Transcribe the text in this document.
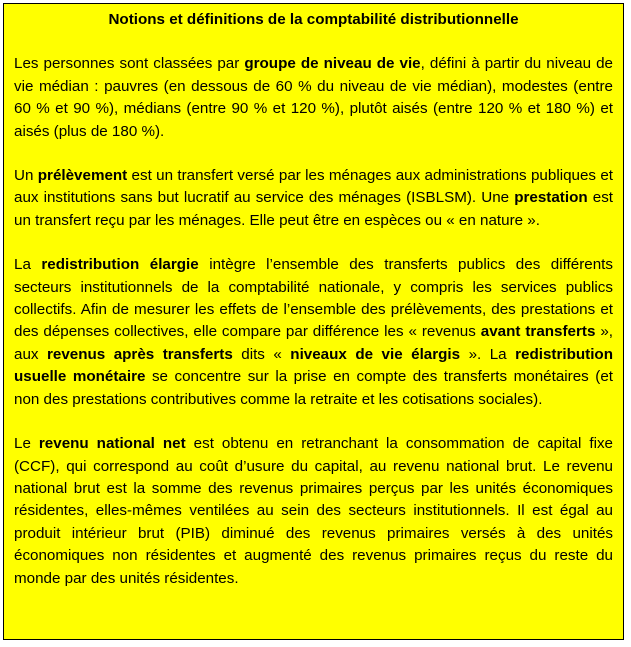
Notions et définitions de la comptabilité distributionnelle

Les personnes sont classées par groupe de niveau de vie, défini à partir du niveau de vie médian : pauvres (en dessous de 60 % du niveau de vie médian), modestes (entre 60 % et 90 %), médians (entre 90 % et 120 %), plutôt aisés (entre 120 % et 180 %) et aisés (plus de 180 %).

Un prélèvement est un transfert versé par les ménages aux administrations publiques et aux institutions sans but lucratif au service des ménages (ISBLSM). Une prestation est un transfert reçu par les ménages. Elle peut être en espèces ou « en nature ».

La redistribution élargie intègre l’ensemble des transferts publics des différents secteurs institutionnels de la comptabilité nationale, y compris les services publics collectifs. Afin de mesurer les effets de l’ensemble des prélèvements, des prestations et des dépenses collectives, elle compare par différence les « revenus avant transferts », aux revenus après transferts dits « niveaux de vie élargis ». La redistribution usuelle monétaire se concentre sur la prise en compte des transferts monétaires (et non des prestations contributives comme la retraite et les cotisations sociales).

Le revenu national net est obtenu en retranchant la consommation de capital fixe (CCF), qui correspond au coût d’usure du capital, au revenu national brut. Le revenu national brut est la somme des revenus primaires perçus par les unités économiques résidentes, elles-mêmes ventilées au sein des secteurs institutionnels. Il est égal au produit intérieur brut (PIB) diminué des revenus primaires versés à des unités économiques non résidentes et augmenté des revenus primaires reçus du reste du monde par des unités résidentes.
